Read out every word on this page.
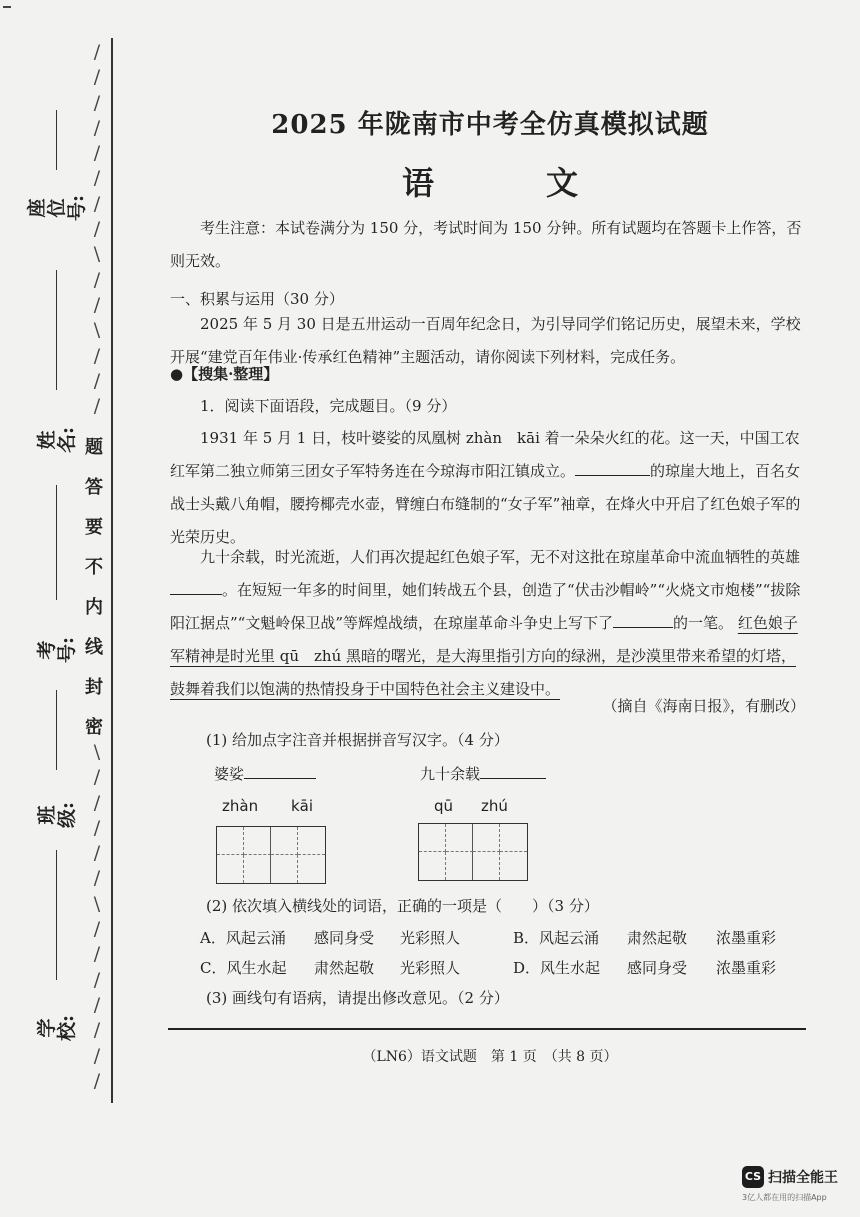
/
/
/
/
/
/
/
/
\
/
/
\
/
/
/
题
答
要
不
内
线
封
密
\
/
/
/
/
/
\
/
/
/
/
/
/
/
座位号:
姓名:
考号:
班级:
学校:
2025 年陇南市中考全仿真模拟试题
语　文
考生注意：本试卷满分为 150 分，考试时间为 150 分钟。所有试题均在答题卡上作答，否则无效。
一、积累与运用（30 分）
2025 年 5 月 30 日是五卅运动一百周年纪念日，为引导同学们铭记历史，展望未来，学校开展“建党百年伟业·传承红色精神”主题活动，请你阅读下列材料，完成任务。
●【搜集·整理】
1．阅读下面语段，完成题目。（9 分）
1931 年 5 月 1 日，枝叶婆娑的凤凰树 zhàn　kāi 着一朵朵火红的花。这一天，中国工农红军第二独立师第三团女子军特务连在今琼海市阳江镇成立。	的琼崖大地上，百名女战士头戴八角帽，腰挎椰壳水壶，臂缠白布缝制的“女子军”袖章，在烽火中开启了红色娘子军的光荣历史。
九十余载，时光流逝，人们再次提起红色娘子军，无不对这批在琼崖革命中流血牺牲的英雄。在短短一年多的时间里，她们转战五个县，创造了“伏击沙帽岭”“火烧文市炮楼”“拔除阳江据点”“文魁岭保卫战”等辉煌战绩，在琼崖革命斗争史上写下了	的一笔。 红色娘子军精神是时光里 qū　zhú 黑暗的曙光，是大海里指引方向的绿洲，是沙漠里带来希望的灯塔，鼓舞着我们以饱满的热情投身于中国特色社会主义建设中。
（摘自《海南日报》，有删改）
(1) 给加点字注音并根据拼音写汉字。（4 分）
婆娑	九十余载
zhàn kāi	qū zhú
(2) 依次填入横线处的词语，正确的一项是（　　）（3 分）
A．风起云涌 感同身受 光彩照人	B．风起云涌 肃然起敬 浓墨重彩
C．风生水起 肃然起敬 光彩照人	D．风生水起 感同身受 浓墨重彩
(3) 画线句有语病，请提出修改意见。（2 分）
（LN6）语文试题　第 1 页　（共 8 页）
CS 扫描全能王
3亿人都在用的扫描App
